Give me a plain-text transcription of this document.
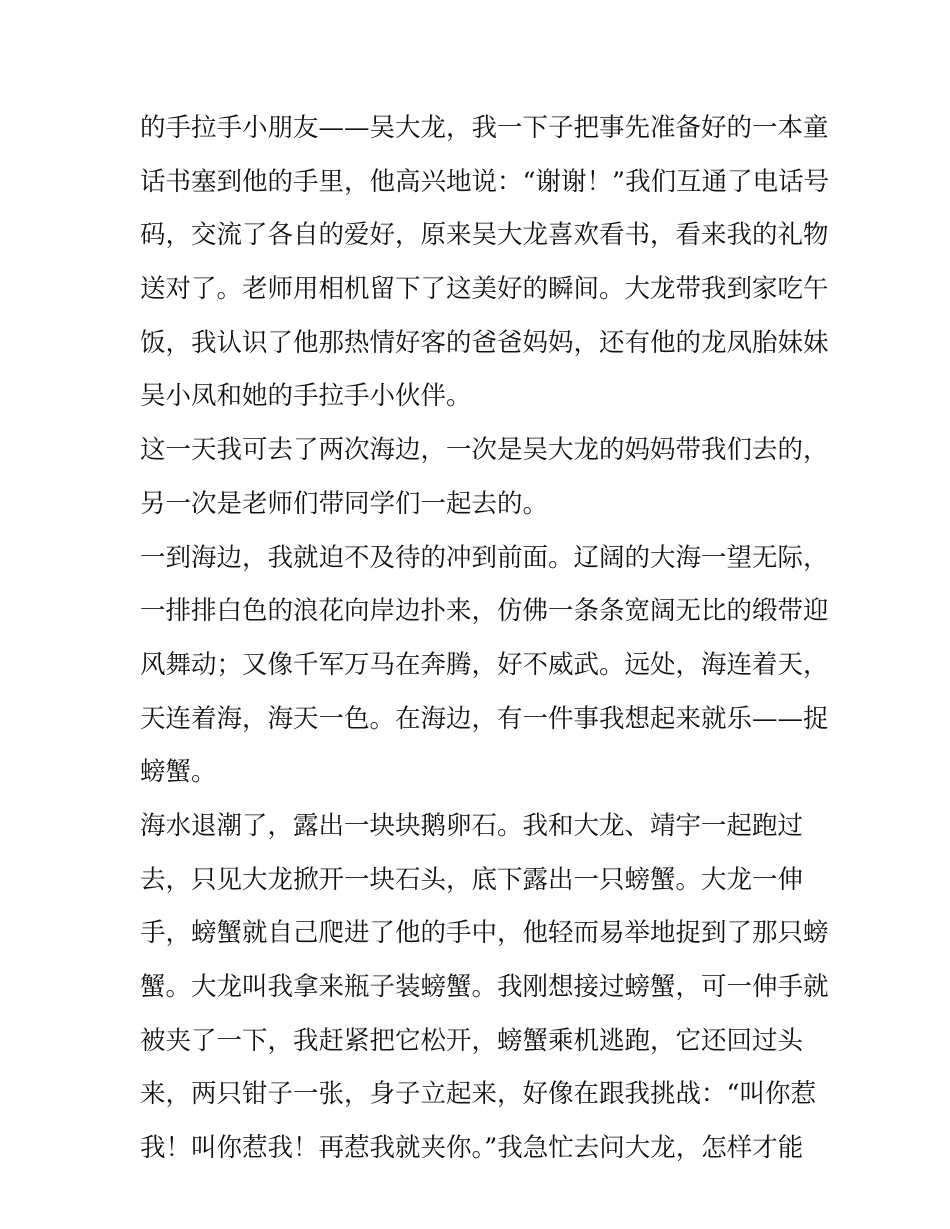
的手拉手小朋友——吴大龙，我一下子把事先准备好的一本童
话书塞到他的手里，他高兴地说：“谢谢！”我们互通了电话号
码，交流了各自的爱好，原来吴大龙喜欢看书，看来我的礼物
送对了。老师用相机留下了这美好的瞬间。大龙带我到家吃午
饭，我认识了他那热情好客的爸爸妈妈，还有他的龙凤胎妹妹
吴小凤和她的手拉手小伙伴。
这一天我可去了两次海边，一次是吴大龙的妈妈带我们去的，
另一次是老师们带同学们一起去的。
一到海边，我就迫不及待的冲到前面。辽阔的大海一望无际，
一排排白色的浪花向岸边扑来，仿佛一条条宽阔无比的缎带迎
风舞动；又像千军万马在奔腾，好不威武。远处，海连着天，
天连着海，海天一色。在海边，有一件事我想起来就乐——捉
螃蟹。
海水退潮了，露出一块块鹅卵石。我和大龙、靖宇一起跑过
去，只见大龙掀开一块石头，底下露出一只螃蟹。大龙一伸
手，螃蟹就自己爬进了他的手中，他轻而易举地捉到了那只螃
蟹。大龙叫我拿来瓶子装螃蟹。我刚想接过螃蟹，可一伸手就
被夹了一下，我赶紧把它松开，螃蟹乘机逃跑，它还回过头
来，两只钳子一张，身子立起来，好像在跟我挑战：“叫你惹
我！叫你惹我！再惹我就夹你。”我急忙去问大龙，怎样才能
